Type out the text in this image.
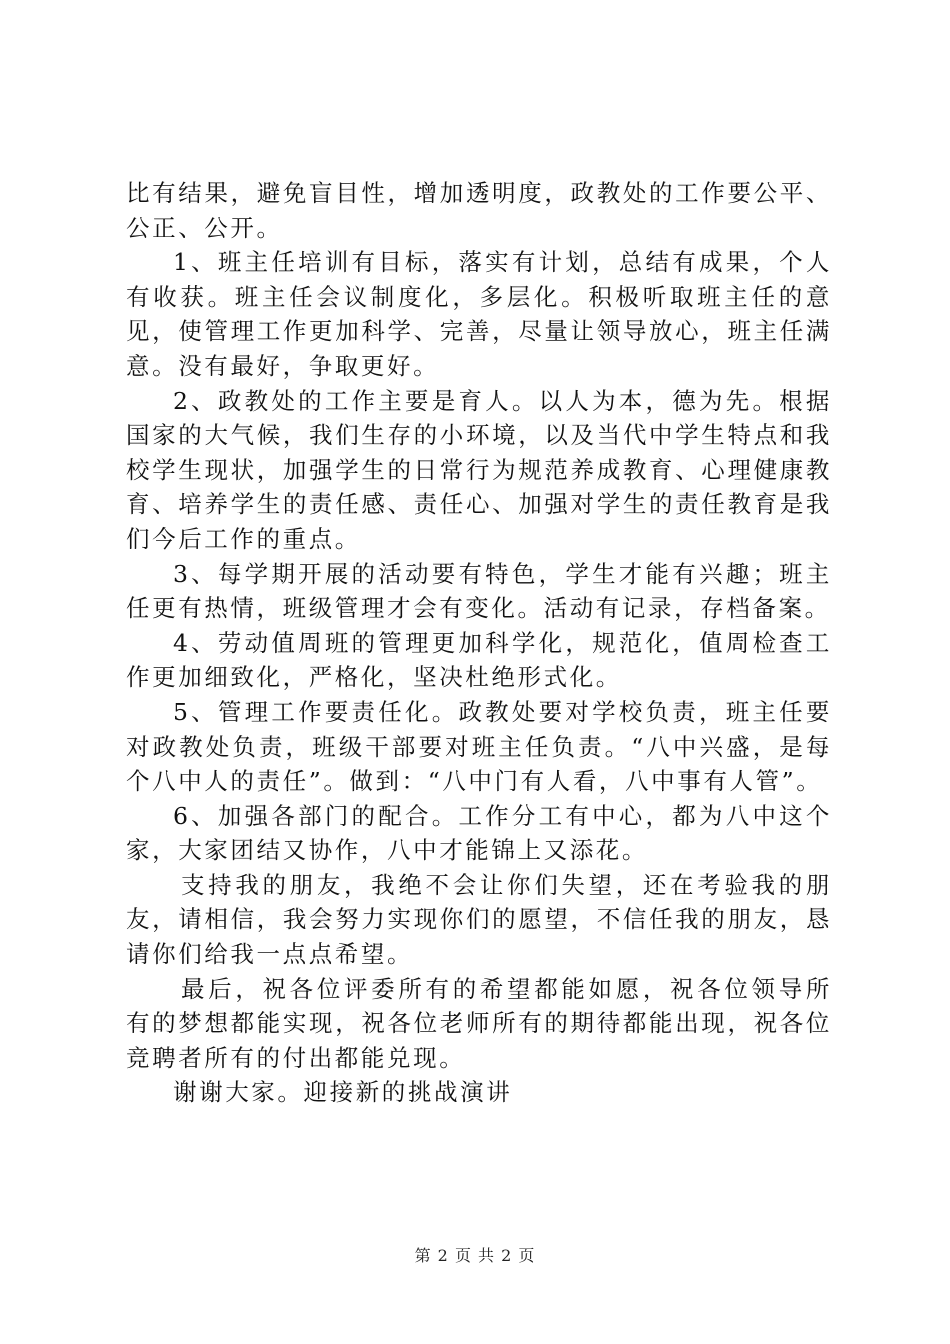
比有结果，避免盲目性，增加透明度，政教处的工作要公平、公正、公开。

1、班主任培训有目标，落实有计划，总结有成果，个人有收获。班主任会议制度化，多层化。积极听取班主任的意见，使管理工作更加科学、完善，尽量让领导放心，班主任满意。没有最好，争取更好。

2、政教处的工作主要是育人。以人为本，德为先。根据国家的大气候，我们生存的小环境，以及当代中学生特点和我校学生现状，加强学生的日常行为规范养成教育、心理健康教育、培养学生的责任感、责任心、加强对学生的责任教育是我们今后工作的重点。

3、每学期开展的活动要有特色，学生才能有兴趣；班主任更有热情，班级管理才会有变化。活动有记录，存档备案。

4、劳动值周班的管理更加科学化，规范化，值周检查工作更加细致化，严格化，坚决杜绝形式化。

5、管理工作要责任化。政教处要对学校负责，班主任要对政教处负责，班级干部要对班主任负责。“八中兴盛，是每个八中人的责任”。做到：“八中门有人看，八中事有人管”。

6、加强各部门的配合。工作分工有中心，都为八中这个家，大家团结又协作，八中才能锦上又添花。

支持我的朋友，我绝不会让你们失望，还在考验我的朋友，请相信，我会努力实现你们的愿望，不信任我的朋友，恳请你们给我一点点希望。

最后，祝各位评委所有的希望都能如愿，祝各位领导所有的梦想都能实现，祝各位老师所有的期待都能出现，祝各位竞聘者所有的付出都能兑现。

谢谢大家。迎接新的挑战演讲

第 2 页 共 2 页
